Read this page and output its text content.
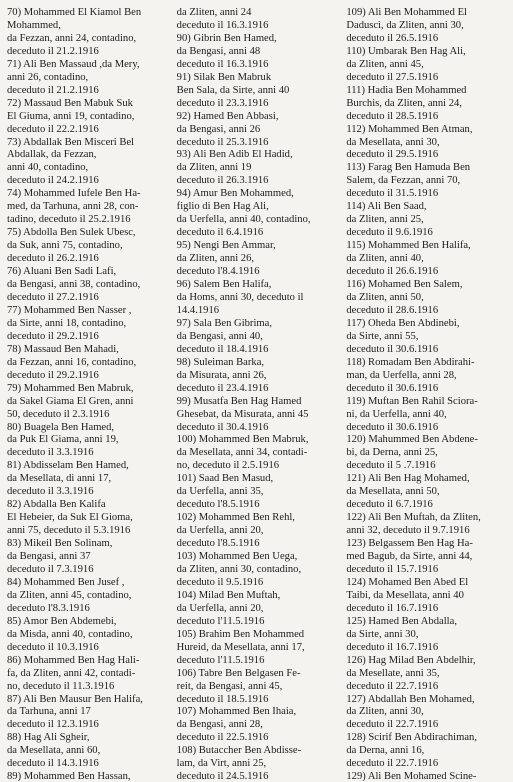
70) Mohammed El Kiamol Ben
Mohammed,
da Fezzan, anni 24, contadino,
deceduto il 21.2.1916
71) Ali Ben Massaud ,da Mery,
anni 26, contadino,
deceduto il 21.2.1916
72) Massaud Ben Mabuk Suk
El Giuma, anni 19, contadino,
deceduto il 22.2.1916
73) Abdallak Ben Misceri Bel
Abdallak, da Fezzan,
anni 40, contadino,
deceduto il 24.2.1916
74) Mohammed Iufele Ben Ha-
med, da Tarhuna, anni 28, con-
tadino, deceduto il 25.2.1916
75) Abdolla Ben Sulek Ubesc,
da Suk, anni 75, contadino,
deceduto il 26.2.1916
76) Aluani Ben Sadi Lafi,
da Bengasi, anni 38, contadino,
deceduto il 27.2.1916
77) Mohammed Ben Nasser ,
da Sirte, anni 18, contadino,
deceduto il 29.2.1916
78) Massaud Ben Mahadi,
da Fezzan, anni 16, contadino,
deceduto il 29.2.1916
79) Mohammed Ben Mabruk,
da Sakel Giama El Gren, anni
50, deceduto il 2.3.1916
80) Buagela Ben Hamed,
da Puk El Giama, anni 19,
deceduto il 3.3.1916
81) Abdisselam Ben Hamed,
da Mesellata, di anni 17,
deceduto il 3.3.1916
82) Abdalla Ben Kalifa
El Hebeier, da Suk El Gioma,
anni 75, deceduto il 5.3.1916
83) Mikeil Ben Solinam,
da Bengasi, anni 37
deceduto il 7.3.1916
84) Mohammed Ben Jusef ,
da Zliten, anni 45, contadino,
deceduto l'8.3.1916
85) Amor Ben Abdemebi,
da Misda, anni 40, contadino,
deceduto il 10.3.1916
86) Mohammed Ben Hag Hali-
fa, da Zliten, anni 42, contadi-
no, deceduto il 11.3.1916
87) Ali Ben Mausur Ben Halifa,
da Tarhuna, anni 17
deceduto il 12.3.1916
88) Hag Ali Sgheir,
da Mesellata, anni 60,
deceduto il 14.3.1916
89) Mohammed Ben Hassan,
da Zliten, anni 24
deceduto il 16.3.1916
90) Gibrin Ben Hamed,
da Bengasi, anni 48
deceduto il 16.3.1916
91) Silak Ben Mabruk
Ben Sala, da Sirte, anni 40
deceduto il 23.3.1916
92) Hamed Ben Abbasi,
da Bengasi, anni 26
deceduto il 25.3.1916
93) Ali Ben Adib El Hadid,
da Zliten, anni 19
deceduto il 26.3.1916
94) Amur Ben Mohammed,
figlio di Ben Hag Ali,
da Uerfella, anni 40, contadino,
deceduto il 6.4.1916
95) Nengi Ben Ammar,
da Zliten, anni 26,
deceduto l'8.4.1916
96) Salem Ben Halifa,
da Homs, anni 30, deceduto il
14.4.1916
97) Sala Ben Gibrima,
da Bengasi, anni 40,
deceduto il 18.4.1916
98) Suleiman Barka,
da Misurata, anni 26,
deceduto il 23.4.1916
99) Musatfa Ben Hag Hamed
Ghesebat, da Misurata, anni 45
deceduto il 30.4.1916
100) Mohammed Ben Mabruk,
da Mesellata, anni 34, contadi-
no, deceduto il 2.5.1916
101) Saad Ben Masud,
da Uerfella, anni 35,
deceduto l'8.5.1916
102) Mohammed Ben Rehl,
da Uerfella, anni 20,
deceduto l'8.5.1916
103) Mohammed Ben Uega,
da Zliten, anni 30, contadino,
deceduto il 9.5.1916
104) Milad Ben Muftah,
da Uerfella, anni 20,
deceduto l'11.5.1916
105) Brahim Ben Mohammed
Hureid, da Mesellata, anni 17,
deceduto l'11.5.1916
106) Tabre Ben Belgasen Fe-
reit, da Bengasi, anni 45,
deceduto il 18.5.1916
107) Mohammed Ben Ihaia,
da Bengasi, anni 28,
deceduto il 22.5.1916
108) Butaccher Ben Abdisse-
lam, da Virt, anni 25,
deceduto il 24.5.1916
109) Ali Ben Mohammed El
Daduscì, da Zliten, anni 30,
deceduto il 26.5.1916
110) Umbarak Ben Hag Ali,
da Zliten, anni 45,
deceduto il 27.5.1916
111) Hadia Ben Mohammed
Burchis, da Zliten, anni 24,
deceduto il 28.5.1916
112) Mohammed Ben Atman,
da Mesellata, anni 30,
deceduto il 29.5.1916
113) Farag Ben Hamuda Ben
Salem, da Fezzan, anni 70,
deceduto il 31.5.1916
114) Ali Ben Saad,
da Zliten, anni 25,
deceduto il 9.6.1916
115) Mohammed Ben Halifa,
da Zliten, anni 40,
deceduto il 26.6.1916
116) Mohamed Ben Salem,
da Zliten, anni 50,
deceduto il 28.6.1916
117) Oheda Ben Abdinebi,
da Sirte, anni 55,
deceduto il 30.6.1916
118) Romadam Ben Abdirahi-
man, da Uerfella, anni 28,
deceduto il 30.6.1916
119) Muftan Ben Rahil Sciora-
ni, da Uerfella, anni 40,
deceduto il 30.6.1916
120) Mahummed Ben Abdene-
bi, da Derna, anni 25,
deceduto il 5 .7.1916
121) Ali Ben Hag Mohamed,
da Mesellata, anni 50,
deceduto il 6.7.1916
122) Ali Ben Muftah, da Zliten,
anni 32, deceduto il 9.7.1916
123) Belgassem Ben Hag Ha-
med Bagub, da Sirte, anni 44,
deceduto il 15.7.1916
124) Mohamed Ben Abed El
Taibi, da Mesellata, anni 40
deceduto il 16.7.1916
125) Hamed Ben Abdalla,
da Sirte, anni 30,
deceduto il 16.7.1916
126) Hag Milad Ben Abdelhir,
da Mesellate, anni 35,
deceduto il 22.7.1916
127) Abdallah Ben Mohamed,
da Zliten, anni 30,
deceduto il 22.7.1916
128) Scirif Ben Abdirachiman,
da Derna, anni 16,
deceduto il 22.7.1916
129) Ali Ben Mohamed Scine-
